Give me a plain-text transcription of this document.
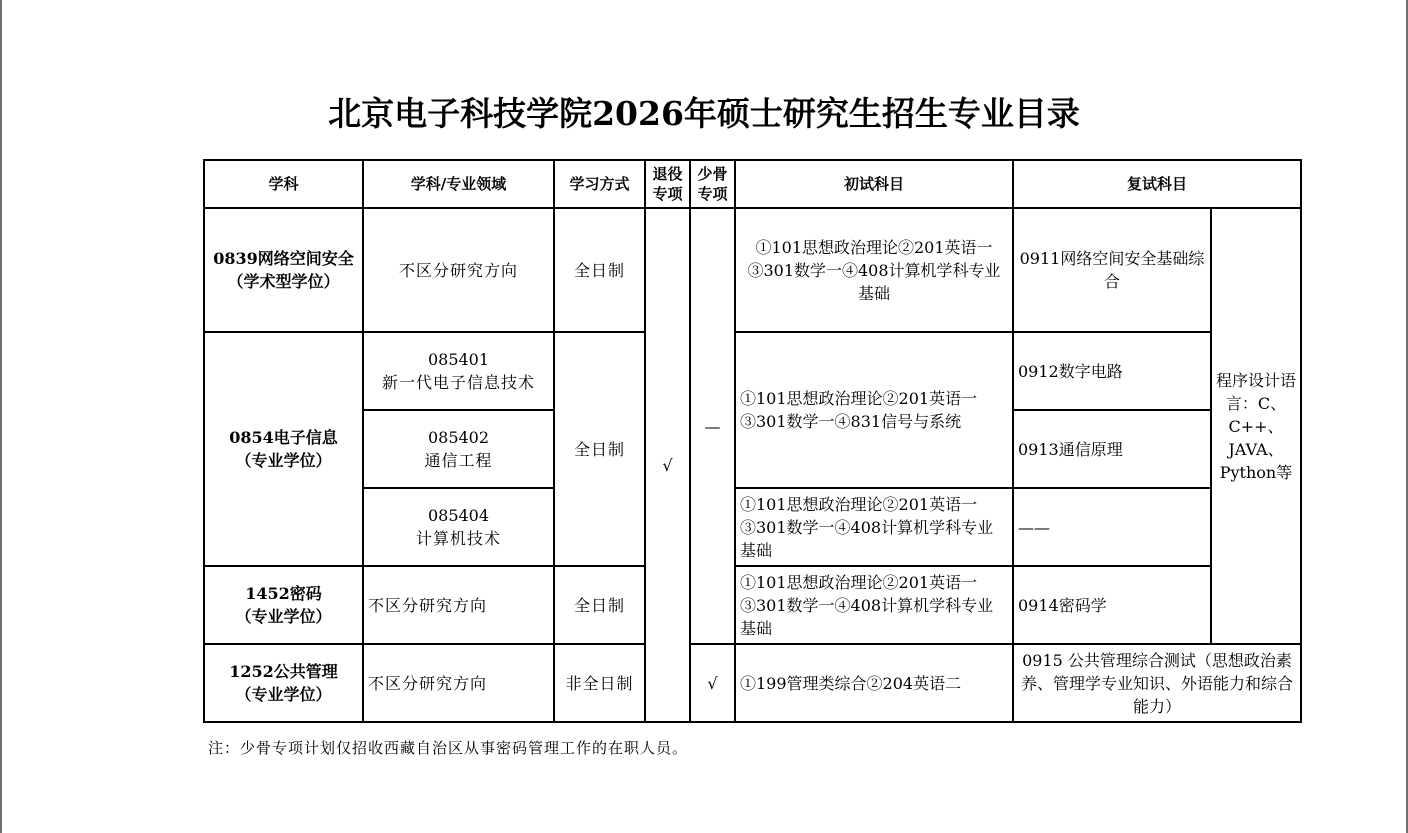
北京电子科技学院2026年硕士研究生招生专业目录
学科	学科/专业领域	学习方式	退役专项	少骨专项	初试科目	复试科目	

0839网络空间安全
（学术型学位）	不区分研究方向	全日制	√	—	①101思想政治理论②201英语一③301数学一④408计算机学科专业基础	0911网络空间安全基础综合	程序设计语言：C、C++、JAVA、Python等

0854电子信息
（专业学位）	085401
新一代电子信息技术	全日制			①101思想政治理论②201英语一③301数学一④831信号与系统	0912数字电路	

	085402
通信工程					0913通信原理	

	085404
计算机技术				①101思想政治理论②201英语一③301数学一④408计算机学科专业基础	——	

1452密码
（专业学位）	不区分研究方向	全日制			①101思想政治理论②201英语一③301数学一④408计算机学科专业基础	0914密码学	

1252公共管理
（专业学位）	不区分研究方向	非全日制		√	①199管理类综合②204英语二	0915 公共管理综合测试（思想政治素养、管理学专业知识、外语能力和综合能力）	
注：少骨专项计划仅招收西藏自治区从事密码管理工作的在职人员。
